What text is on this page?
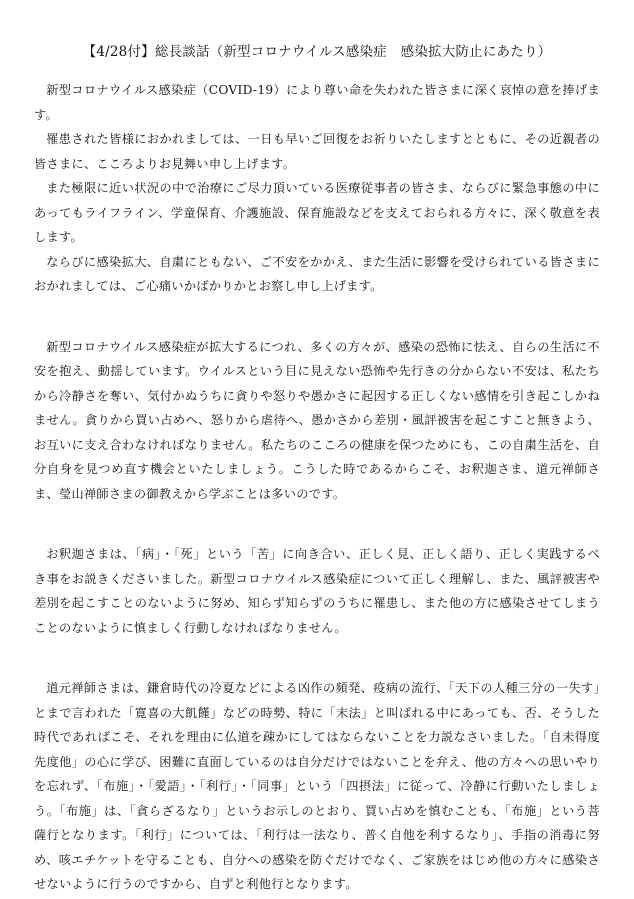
【4/28付】総長談話（新型コロナウイルス感染症　感染拡大防止にあたり）

新型コロナウイルス感染症（COVID-19）により尊い命を失われた皆さまに深く哀悼の意を捧げます。

罹患された皆様におかれましては、一日も早いご回復をお祈りいたしますとともに、その近親者の皆さまに、こころよりお見舞い申し上げます。

また極限に近い状況の中で治療にご尽力頂いている医療従事者の皆さま、ならびに緊急事態の中にあってもライフライン、学童保育、介護施設、保育施設などを支えておられる方々に、深く敬意を表します。

ならびに感染拡大、自粛にともない、ご不安をかかえ、また生活に影響を受けられている皆さまにおかれましては、ご心痛いかばかりかとお察し申し上げます。

新型コロナウイルス感染症が拡大するにつれ、多くの方々が、感染の恐怖に怯え、自らの生活に不安を抱え、動揺しています。ウイルスという目に見えない恐怖や先行きの分からない不安は、私たちから冷静さを奪い、気付かぬうちに貪りや怒りや愚かさに起因する正しくない感情を引き起こしかねません。貪りから買い占めへ、怒りから虐待へ、愚かさから差別・風評被害を起こすこと無きよう、お互いに支え合わなければなりません。私たちのこころの健康を保つためにも、この自粛生活を、自分自身を見つめ直す機会といたしましょう。こうした時であるからこそ、お釈迦さま、道元禅師さま、瑩山禅師さまの御教えから学ぶことは多いのです。

お釈迦さまは、「病」・「死」という「苦」に向き合い、正しく見、正しく語り、正しく実践するべき事をお説きくださいました。新型コロナウイルス感染症について正しく理解し、また、風評被害や差別を起こすことのないように努め、知らず知らずのうちに罹患し、また他の方に感染させてしまうことのないように慎ましく行動しなければなりません。

道元禅師さまは、鎌倉時代の冷夏などによる凶作の頻発、疫病の流行、「天下の人種三分の一失す」とまで言われた「寛喜の大飢饉」などの時勢、特に「末法」と叫ばれる中にあっても、否、そうした時代であればこそ、それを理由に仏道を疎かにしてはならないことを力説なさいました。「自未得度先度他」の心に学び、困難に直面しているのは自分だけではないことを弁え、他の方々への思いやりを忘れず、「布施」・「愛語」・「利行」・「同事」という「四摂法」に従って、冷静に行動いたしましょう。「布施」は、「貪らざるなり」というお示しのとおり、買い占めを慎むことも、「布施」という菩薩行となります。「利行」については、「利行は一法なり、普く自他を利するなり」、手指の消毒に努め、咳エチケットを守ることも、自分への感染を防ぐだけでなく、ご家族をはじめ他の方々に感染させないように行うのですから、自ずと利他行となります。
